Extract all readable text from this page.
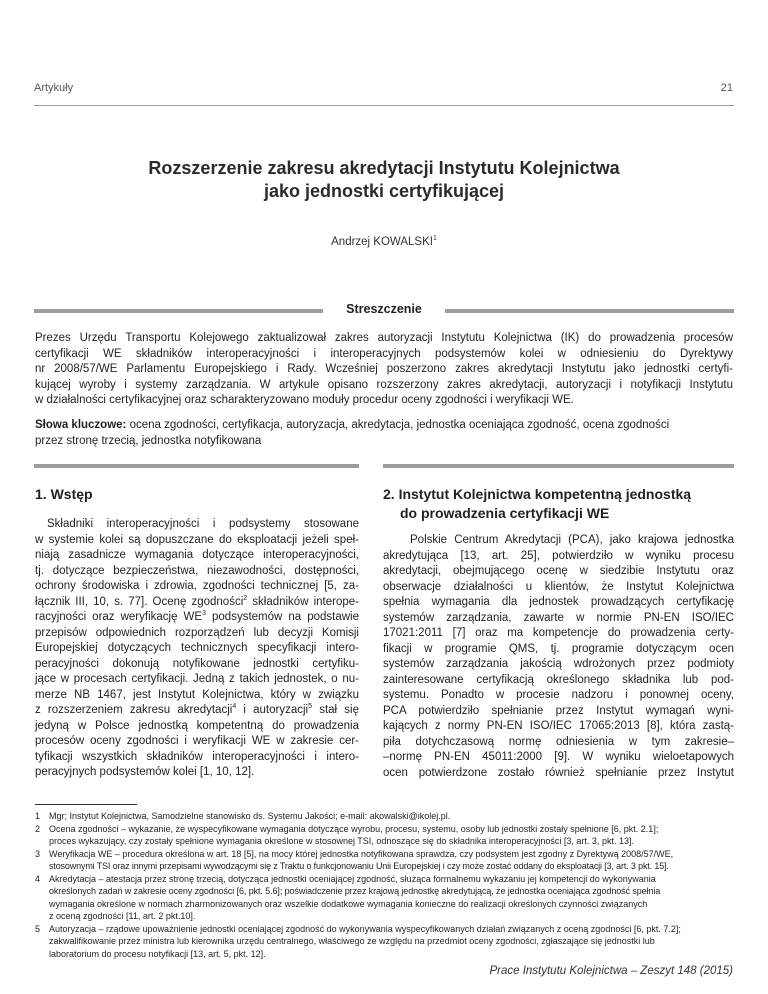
Artykuły	21
Rozszerzenie zakresu akredytacji Instytutu Kolejnictwa
jako jednostki certyfikującej
Andrzej KOWALSKI$^1$
Streszczenie
Prezes Urzędu Transportu Kolejowego zaktualizował zakres autoryzacji Instytutu Kolejnictwa (IK) do prowadzenia procesów
certyfikacji WE składników interoperacyjności i interoperacyjnych podsystemów kolei w odniesieniu do Dyrektywy
nr 2008/57/WE Parlamentu Europejskiego i Rady. Wcześniej poszerzono zakres akredytacji Instytutu jako jednostki certyfi-
kującej wyroby i systemy zarządzania. W artykule opisano rozszerzony zakres akredytacji, autoryzacji i notyfikacji Instytutu
w działalności certyfikacyjnej oraz scharakteryzowano moduły procedur oceny zgodności i weryfikacji WE.
Słowa kluczowe: ocena zgodności, certyfikacja, autoryzacja, akredytacja, jednostka oceniająca zgodność, ocena zgodności
przez stronę trzecią, jednostka notyfikowana
1. Wstęp
Składniki interoperacyjności i podsystemy stosowane
w systemie kolei są dopuszczane do eksploatacji jeżeli speł-
niają zasadnicze wymagania dotyczące interoperacyjności,
tj. dotyczące bezpieczeństwa, niezawodności, dostępności,
ochrony środowiska i zdrowia, zgodności technicznej [5, za-
łącznik III, 10, s. 77]. Ocenę zgodności$^2$ składników interope-
racyjności oraz weryfikację $WE^3$ podsystemów na podstawie
przepisów odpowiednich rozporządzeń lub decyzji Komisji
Europejskiej dotyczących technicznych specyfikacji intero-
peracyjności dokonują notyfikowane jednostki certyfiku-
jące w procesach certyfikacji. Jedną z takich jednostek, o nu-
merze NB 1467, jest Instytut Kolejnictwa, który w związku
z rozszerzeniem zakresu akredytacji$^4$ i autoryzacji$^5$ stał się
jedyną w Polsce jednostką kompetentną do prowadzenia
procesów oceny zgodności i weryfikacji WE w zakresie cer-
tyfikacji wszystkich składników interoperacyjności i intero-
peracyjnych podsystemów kolei [1, 10, 12].
2. Instytut Kolejnictwa kompetentną jednostką
do prowadzenia certyfikacji WE
Polskie Centrum Akredytacji (PCA), jako krajowa jednostka
akredytująca [13, art. 25], potwierdziło w wyniku procesu
akredytacji, obejmującego ocenę w siedzibie Instytutu oraz
obserwacje działalności u klientów, że Instytut Kolejnictwa
spełnia wymagania dla jednostek prowadzących certyfikację
systemów zarządzania, zawarte w normie PN-EN ISO/IEC
17021:2011 [7] oraz ma kompetencje do prowadzenia certy-
fikacji w programie QMS, tj. programie dotyczącym ocen
systemów zarządzania jakością wdrożonych przez podmioty
zainteresowane certyfikacją określonego składnika lub pod-
systemu. Ponadto w procesie nadzoru i ponownej oceny,
PCA potwierdziło spełnianie przez Instytut wymagań wyni-
kających z normy PN-EN ISO/IEC 17065:2013 [8], która zastą-
piła dotychczasową normę odniesienia w tym zakresie–
–normę PN-EN 45011:2000 [9]. W wyniku wieloetapowych
ocen potwierdzone zostało również spełnianie przez Instytut
1 Mgr; Instytut Kolejnictwa, Samodzielne stanowisko ds. Systemu Jakości; e-mail: akowalski@ikolej.pl.
2 Ocena zgodności – wykazanie, że wyspecyfikowane wymagania dotyczące wyrobu, procesu, systemu, osoby lub jednostki zostały spełnione [6, pkt. 2.1];
proces wykazujący, czy zostały spełnione wymagania określone w stosownej TSI, odnoszące się do składnika interoperacyjności [3, art. 3, pkt. 13].
3 Weryfikacja WE – procedura określona w art. 18 [5], na mocy której jednostka notyfikowana sprawdza, czy podsystem jest zgodny z Dyrektywą 2008/57/WE,
stosownymi TSI oraz innymi przepisami wywodzącymi się z Traktu o funkcjonowaniu Unii Europejskiej i czy może zostać oddany do eksploatacji [3, art. 3 pkt. 15].
4 Akredytacja – atestacja przez stronę trzecią, dotycząca jednostki oceniającej zgodność, służąca formalnemu wykazaniu jej kompetencji do wykonywania
określonych zadań w zakresie oceny zgodności [6, pkt. 5.6]; poświadczenie przez krajową jednostkę akredytującą, że jednostka oceniająca zgodność spełnia
wymagania określone w normach zharmonizowanych oraz wszelkie dodatkowe wymagania konieczne do realizacji określonych czynności związanych
z oceną zgodności [11, art. 2 pkt.10].
5 Autoryzacja – rządowe upoważnienie jednostki oceniającej zgodność do wykonywania wyspecyfikowanych działań związanych z oceną zgodności [6, pkt. 7.2];
zakwalifikowanie przez ministra lub kierownika urzędu centralnego, właściwego ze względu na przedmiot oceny zgodności, zgłaszające się jednostki lub
laboratorium do procesu notyfikacji [13, art. 5, pkt. 12].
Prace Instytutu Kolejnictwa – Zeszyt 148 (2015)
